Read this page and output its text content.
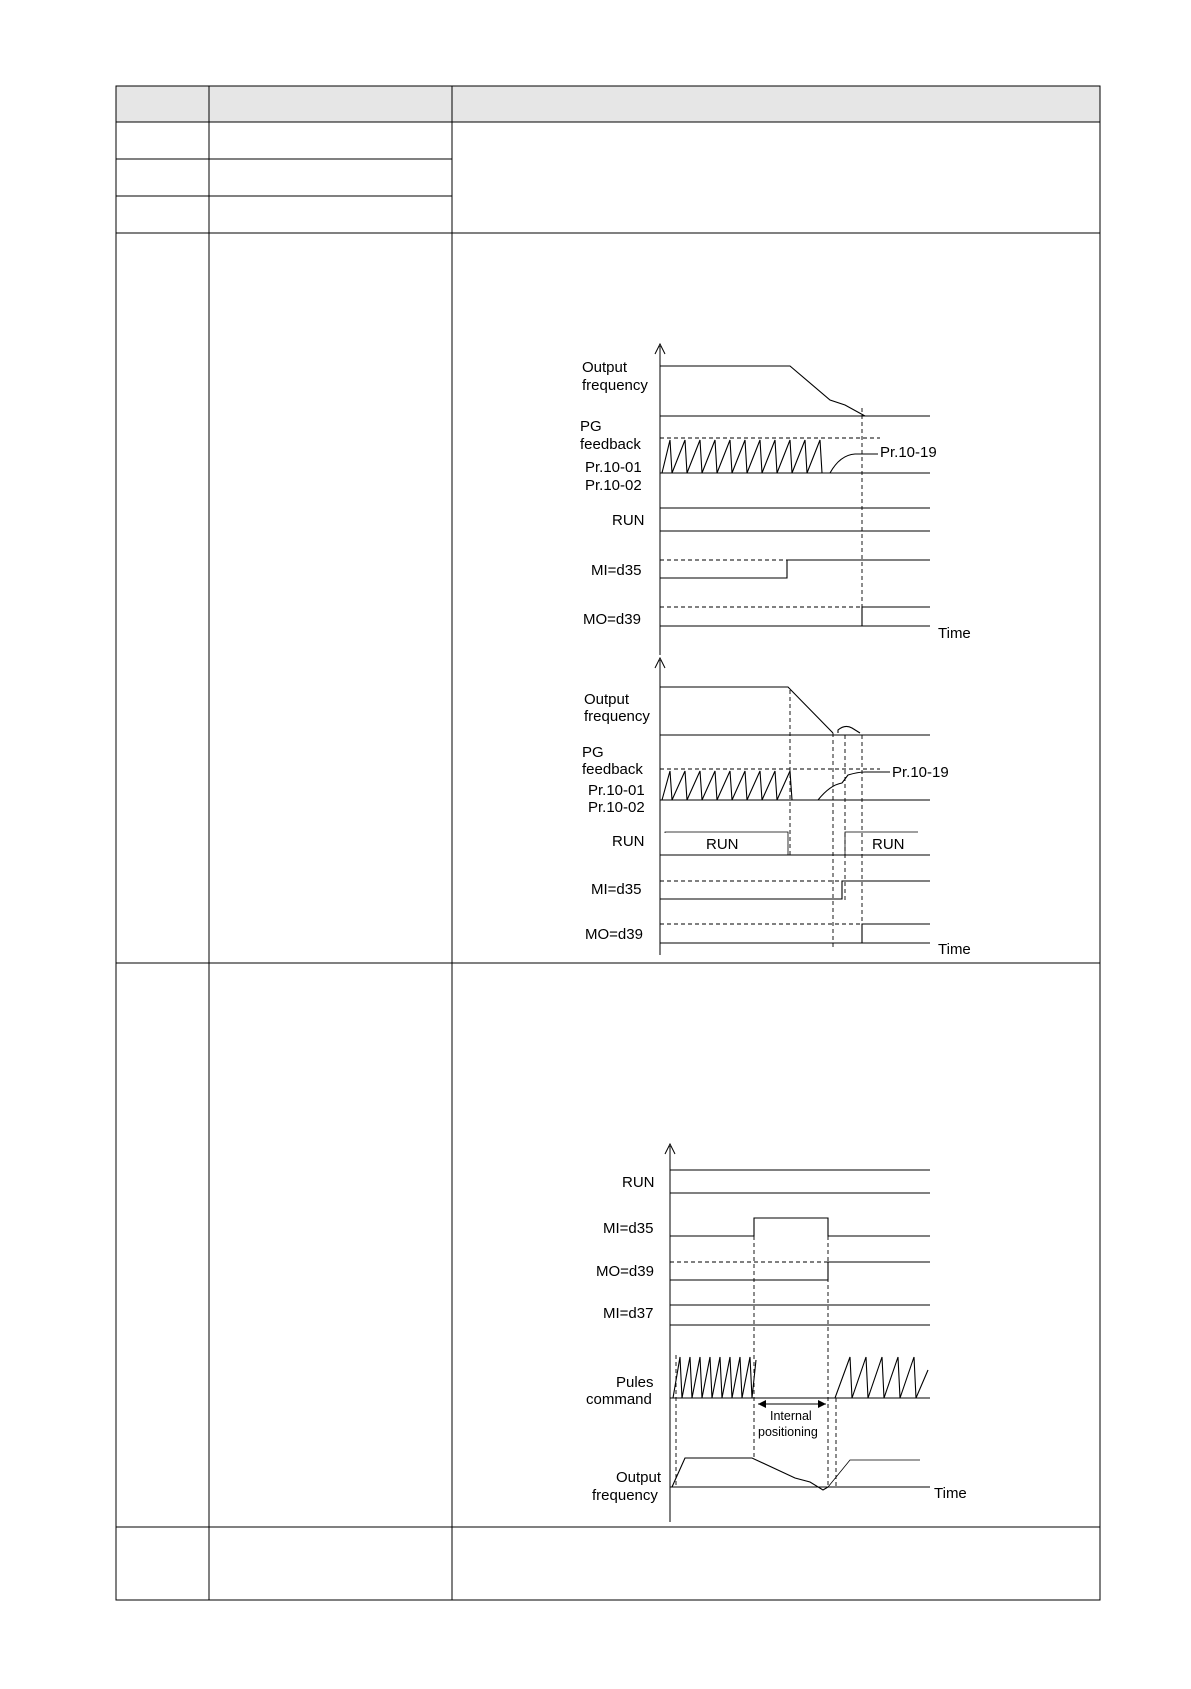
Output
frequency
PG
feedback
Pr.10-01
Pr.10-02
Pr.10-19
RUN
MI=d35
MO=d39
Time
Output
frequency
PG
feedback
Pr.10-01
Pr.10-02
Pr.10-19
RUN	RUN	RUN
MI=d35
MO=d39
Time
RUN
MI=d35
MO=d39
MI=d37
Pules
command
Internal
positioning
Output
frequency	Time
